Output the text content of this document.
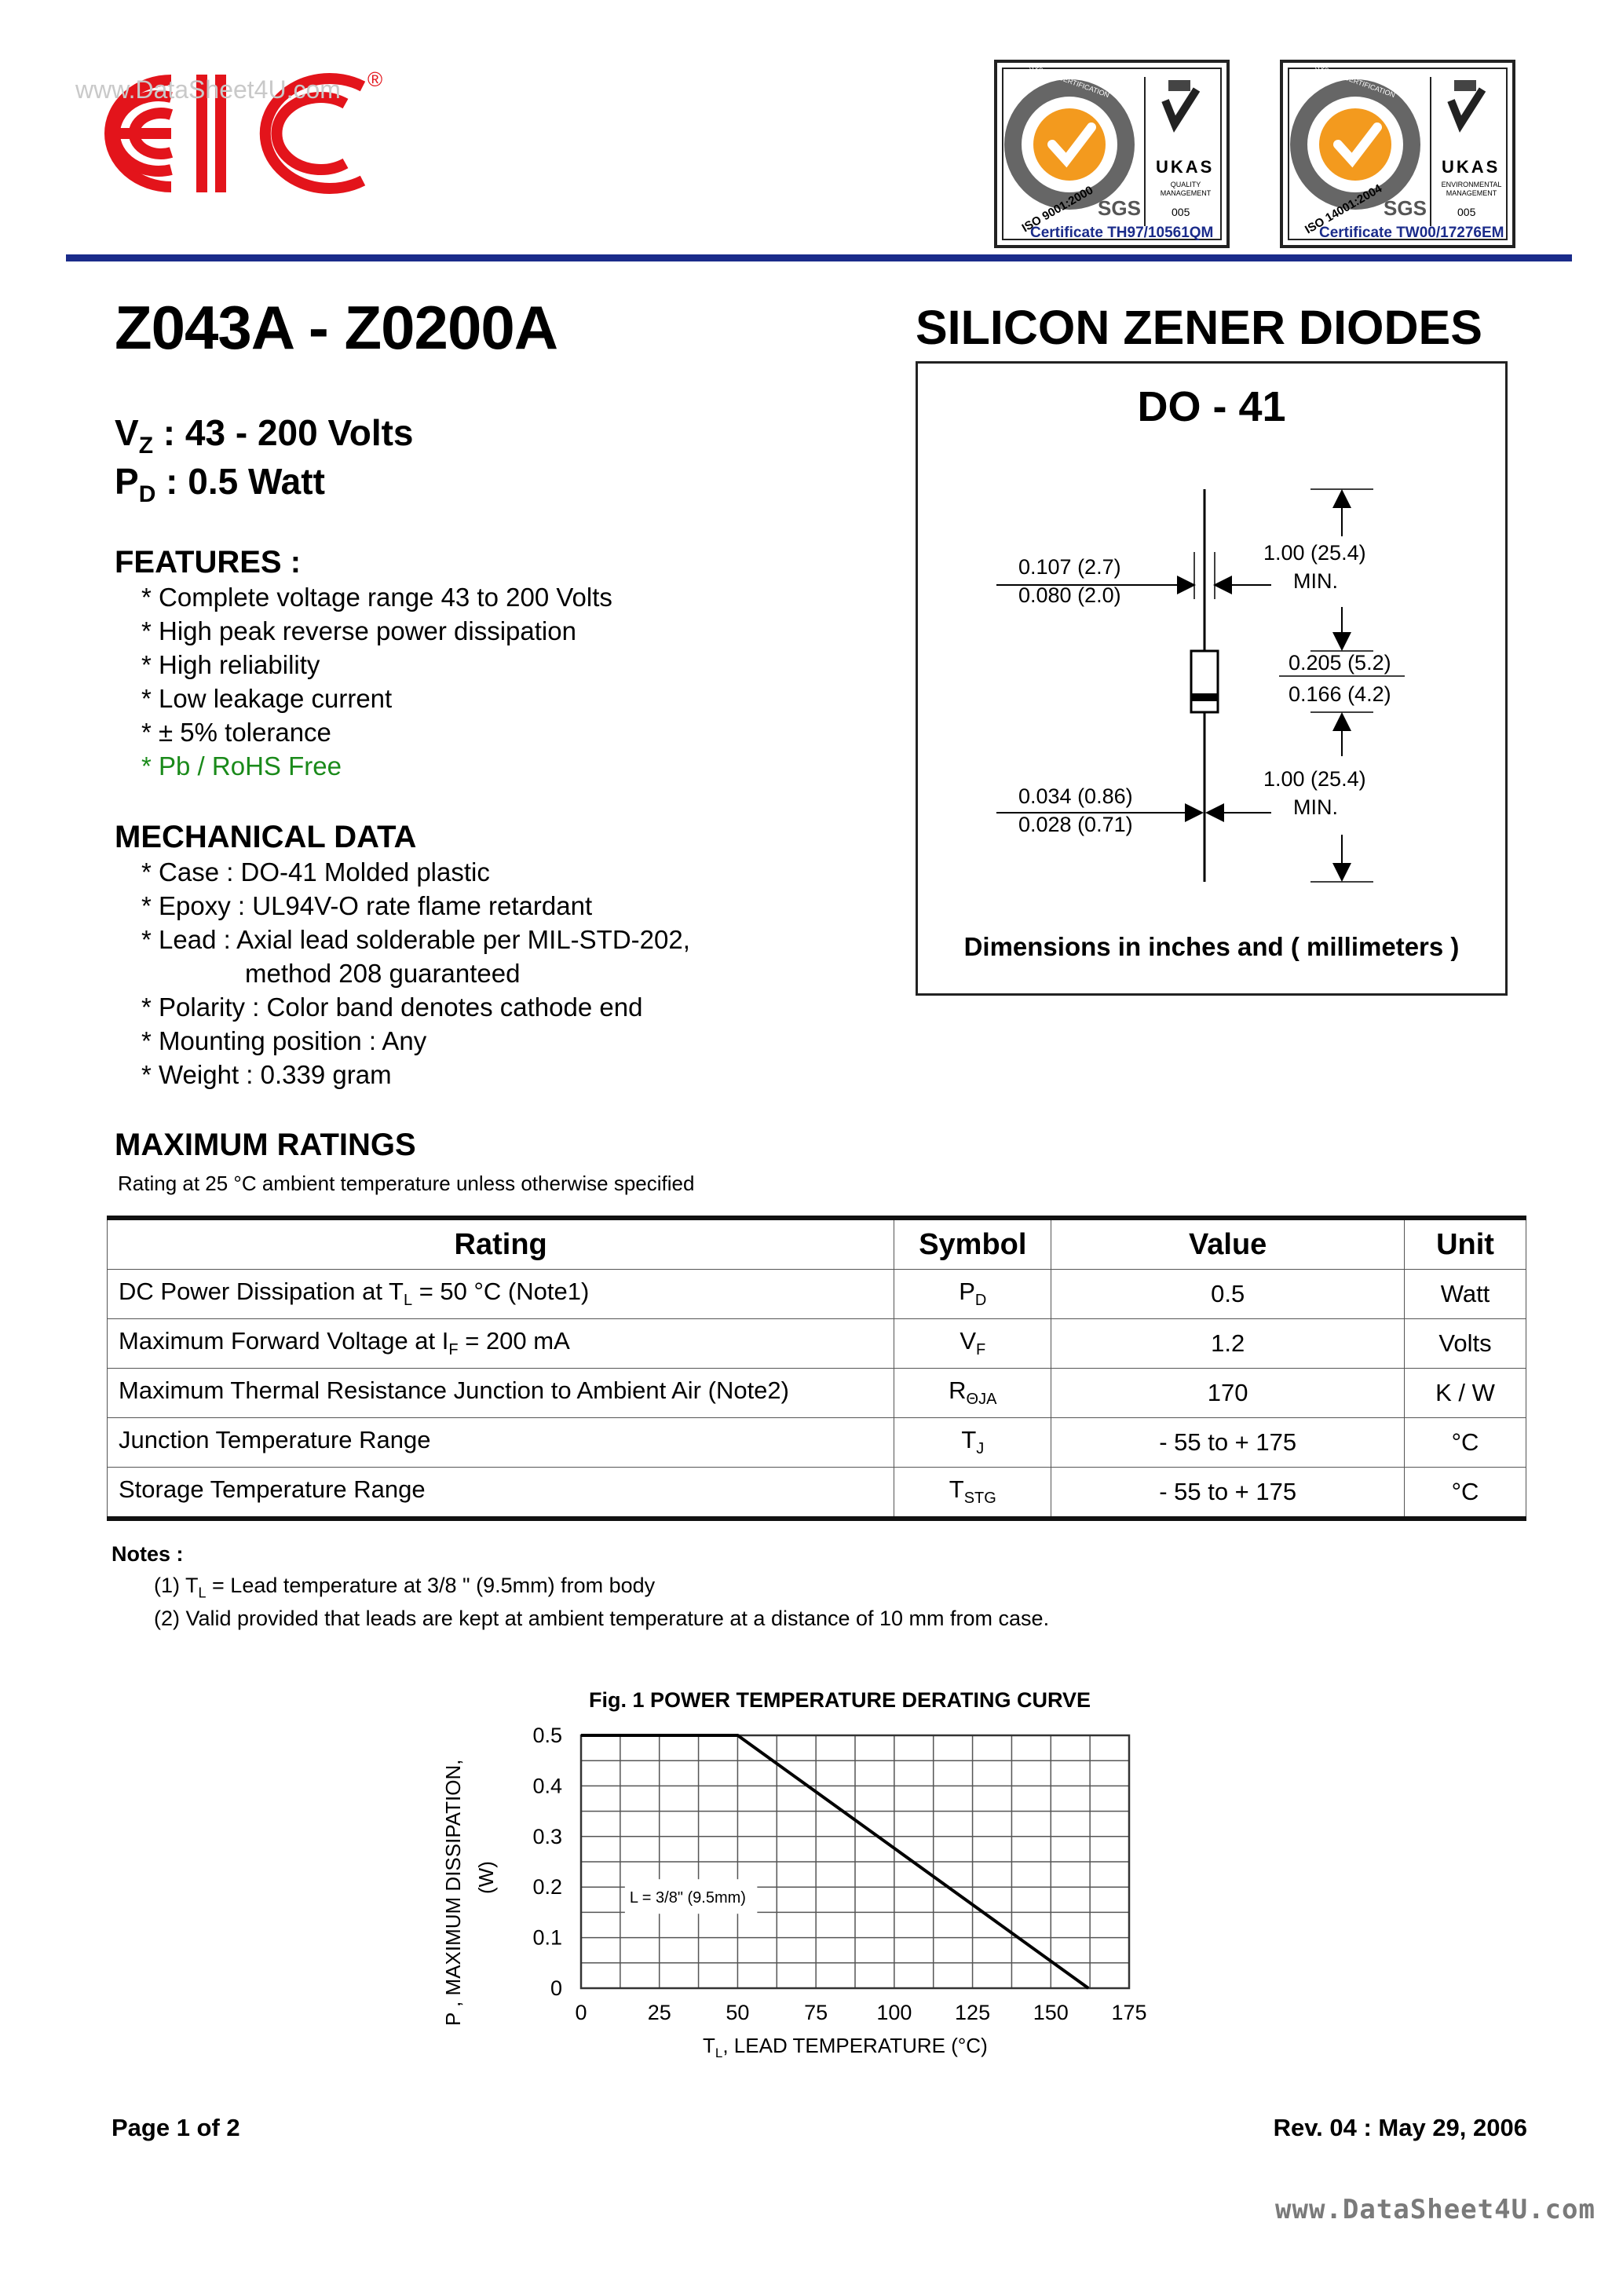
®
www.DataSheet4U.com
ISO 9001:2000 SGS
UKAS
QUALITY MANAGEMENT
005
SYSTEM CERTIFICATION
Certificate TH97/10561QM	ISO 14001:2004 SGS
UKAS
ENVIRONMENTAL MANAGEMENT
005
SYSTEM CERTIFICATION
Certificate TW00/17276EM
Z043A - Z0200A	SILICON ZENER DIODES
$V_Z$ : 43 - 200 Volts
$P_D$ : 0.5 Watt
FEATURES :
* Complete voltage range 43 to 200 Volts
* High peak reverse power dissipation
* High reliability
* Low leakage current
* ± 5% tolerance
* Pb / RoHS Free
MECHANICAL DATA
* Case : DO-41 Molded plastic
* Epoxy : UL94V-O rate flame retardant
* Lead : Axial lead solderable per MIL-STD-202,
method 208 guaranteed
* Polarity : Color band denotes cathode end
* Mounting position : Any
* Weight : 0.339 gram
DO - 41
0.107 (2.7)
0.080 (2.0)
1.00 (25.4)
MIN.
0.205 (5.2)
0.166 (4.2)
1.00 (25.4)
MIN.
0.034 (0.86)
0.028 (0.71)
Dimensions in inches and ( millimeters )
MAXIMUM RATINGS
Rating at 25 °C ambient temperature unless otherwise specified
Rating	Symbol	Value	Unit
DC Power Dissipation at $T_L = 50$ °C (Note1)	$P_D$	0.5	Watt
Maximum Forward Voltage at $I_F = 200$ mA	$V_F$	1.2	Volts
Maximum Thermal Resistance Junction to Ambient Air (Note2)	$R_{\Theta JA}$	170	K / W
Junction Temperature Range	$T_J$	- 55 to + 175	°C
Storage Temperature Range	$T_{STG}$	- 55 to + 175	°C
Notes :
(1) $T_L$ = Lead temperature at 3/8 " (9.5mm) from body
(2) Valid provided that leads are kept at ambient temperature at a distance of 10 mm from case.
Fig. 1 POWER TEMPERATURE DERATING CURVE
0	25	50	75 100 125 150 175
0
0.1
0.2
0.3
0.4
0.5
L = 3/8" (9.5mm)
P , MAXIMUM DISSIPATION, (W)
$T_L$, LEAD TEMPERATURE (°C)
Page 1 of 2	Rev. 04 : May 29, 2006
www.DataSheet4U.com
